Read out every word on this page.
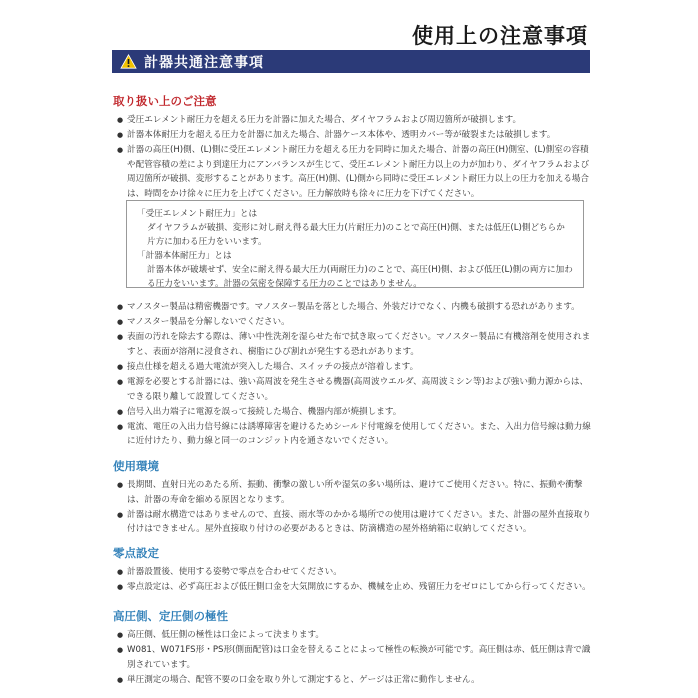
使用上の注意事項
計器共通注意事項
取り扱い上のご注意
● 受圧エレメント耐圧力を超える圧力を計器に加えた場合、ダイヤフラムおよび周辺箇所が破損します。
● 計器本体耐圧力を超える圧力を計器に加えた場合、計器ケース本体や、透明カバー等が破裂または破損します。
● 計器の高圧(H)側、(L)側に受圧エレメント耐圧力を超える圧力を同時に加えた場合、計器の高圧(H)側室、(L)側室の容積や配管容積の差により到達圧力にアンバランスが生じて、受圧エレメント耐圧力以上の力が加わり、ダイヤフラムおよび周辺箇所が破損、変形することがあります。高圧(H)側、(L)側から同時に受圧エレメント耐圧力以上の圧力を加える場合は、時間をかけ徐々に圧力を上げてください。圧力解放時も徐々に圧力を下げてください。
「受圧エレメント耐圧力」とは
ダイヤフラムが破損、変形に対し耐え得る最大圧力(片耐圧力)のことで高圧(H)側、または低圧(L)側どちらか片方に加わる圧力をいいます。
「計器本体耐圧力」とは
計器本体が破壊せず、安全に耐え得る最大圧力(両耐圧力)のことで、高圧(H)側、および低圧(L)側の両方に加わる圧力をいいます。計器の気密を保障する圧力のことではありません。
● マノスター製品は精密機器です。マノスター製品を落とした場合、外装だけでなく、内機も破損する恐れがあります。
● マノスター製品を分解しないでください。
● 表面の汚れを除去する際は、薄い中性洗剤を湿らせた布で拭き取ってください。マノスター製品に有機溶剤を使用されますと、表面が溶剤に浸食され、樹脂にひび割れが発生する恐れがあります。
● 接点仕様を超える過大電流が突入した場合、スイッチの接点が溶着します。
● 電源を必要とする計器には、強い高周波を発生させる機器(高周波ウエルダ、高周波ミシン等)および強い動力源からは、できる限り離して設置してください。
● 信号入出力端子に電源を誤って接続した場合、機器内部が焼損します。
● 電流、電圧の入出力信号線には誘導障害を避けるためシールド付電線を使用してください。また、入出力信号線は動力線に近付けたり、動力線と同一のコンジット内を通さないでください。
使用環境
● 長期間、直射日光のあたる所、振動、衝撃の激しい所や湿気の多い場所は、避けてご使用ください。特に、振動や衝撃は、計器の寿命を縮める原因となります。
● 計器は耐水構造ではありませんので、直接、雨水等のかかる場所での使用は避けてください。また、計器の屋外直接取り付けはできません。屋外直接取り付けの必要があるときは、防滴構造の屋外格納箱に収納してください。
零点設定
● 計器設置後、使用する姿勢で零点を合わせてください。
● 零点設定は、必ず高圧および低圧側口金を大気開放にするか、機械を止め、残留圧力をゼロにしてから行ってください。
高圧側、定圧側の極性
● 高圧側、低圧側の極性は口金によって決まります。
● W081、W071FS形・PS形(側面配管)は口金を替えることによって極性の転換が可能です。高圧側は赤、低圧側は青で識別されています。
● 単圧測定の場合、配管不要の口金を取り外して測定すると、ゲージは正常に動作しません。
